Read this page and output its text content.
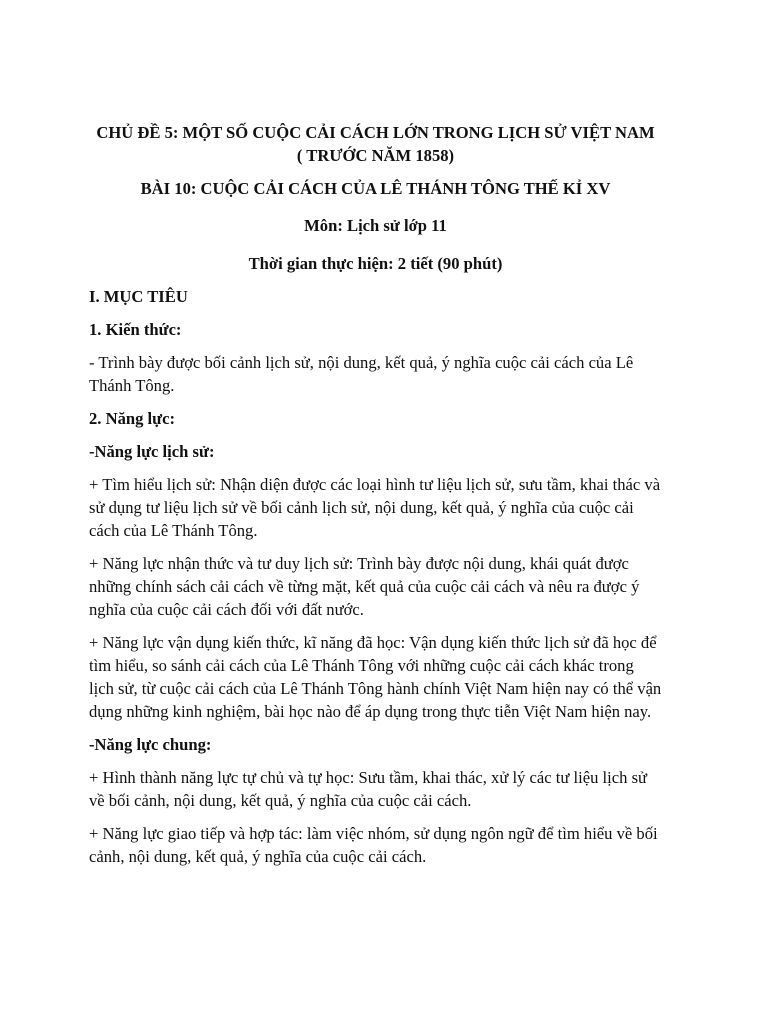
CHỦ ĐỀ 5: MỘT SỐ CUỘC CẢI CÁCH LỚN TRONG LỊCH SỬ VIỆT NAM ( TRƯỚC NĂM 1858)
BÀI 10: CUỘC CẢI CÁCH CỦA LÊ THÁNH TÔNG THẾ KỈ XV
Môn: Lịch sử lớp 11
Thời gian thực hiện: 2 tiết (90 phút)

I. MỤC TIÊU

1. Kiến thức:

- Trình bày được bối cảnh lịch sử, nội dung, kết quả, ý nghĩa cuộc cải cách của Lê Thánh Tông.

2. Năng lực:

-Năng lực lịch sử:

+ Tìm hiểu lịch sử: Nhận diện được các loại hình tư liệu lịch sử, sưu tầm, khai thác và sử dụng tư liệu lịch sử về bối cảnh lịch sử, nội dung, kết quả, ý nghĩa của cuộc cải cách của Lê Thánh Tông.

+ Năng lực nhận thức và tư duy lịch sử: Trình bày được nội dung, khái quát được những chính sách cải cách về từng mặt, kết quả của cuộc cải cách và nêu ra được ý nghĩa của cuộc cải cách đối với đất nước.

+ Năng lực vận dụng kiến thức, kĩ năng đã học: Vận dụng kiến thức lịch sử đã học để tìm hiểu, so sánh cải cách của Lê Thánh Tông với những cuộc cải cách khác trong lịch sử, từ cuộc cải cách của Lê Thánh Tông hành chính Việt Nam hiện nay có thể vận dụng những kinh nghiệm, bài học nào để áp dụng trong thực tiễn Việt Nam hiện nay.

-Năng lực chung:

+ Hình thành năng lực tự chủ và tự học: Sưu tầm, khai thác, xử lý các tư liệu lịch sử về bối cảnh, nội dung, kết quả, ý nghĩa của cuộc cải cách.

+ Năng lực giao tiếp và hợp tác: làm việc nhóm, sử dụng ngôn ngữ để tìm hiểu về bối cảnh, nội dung, kết quả, ý nghĩa của cuộc cải cách.
